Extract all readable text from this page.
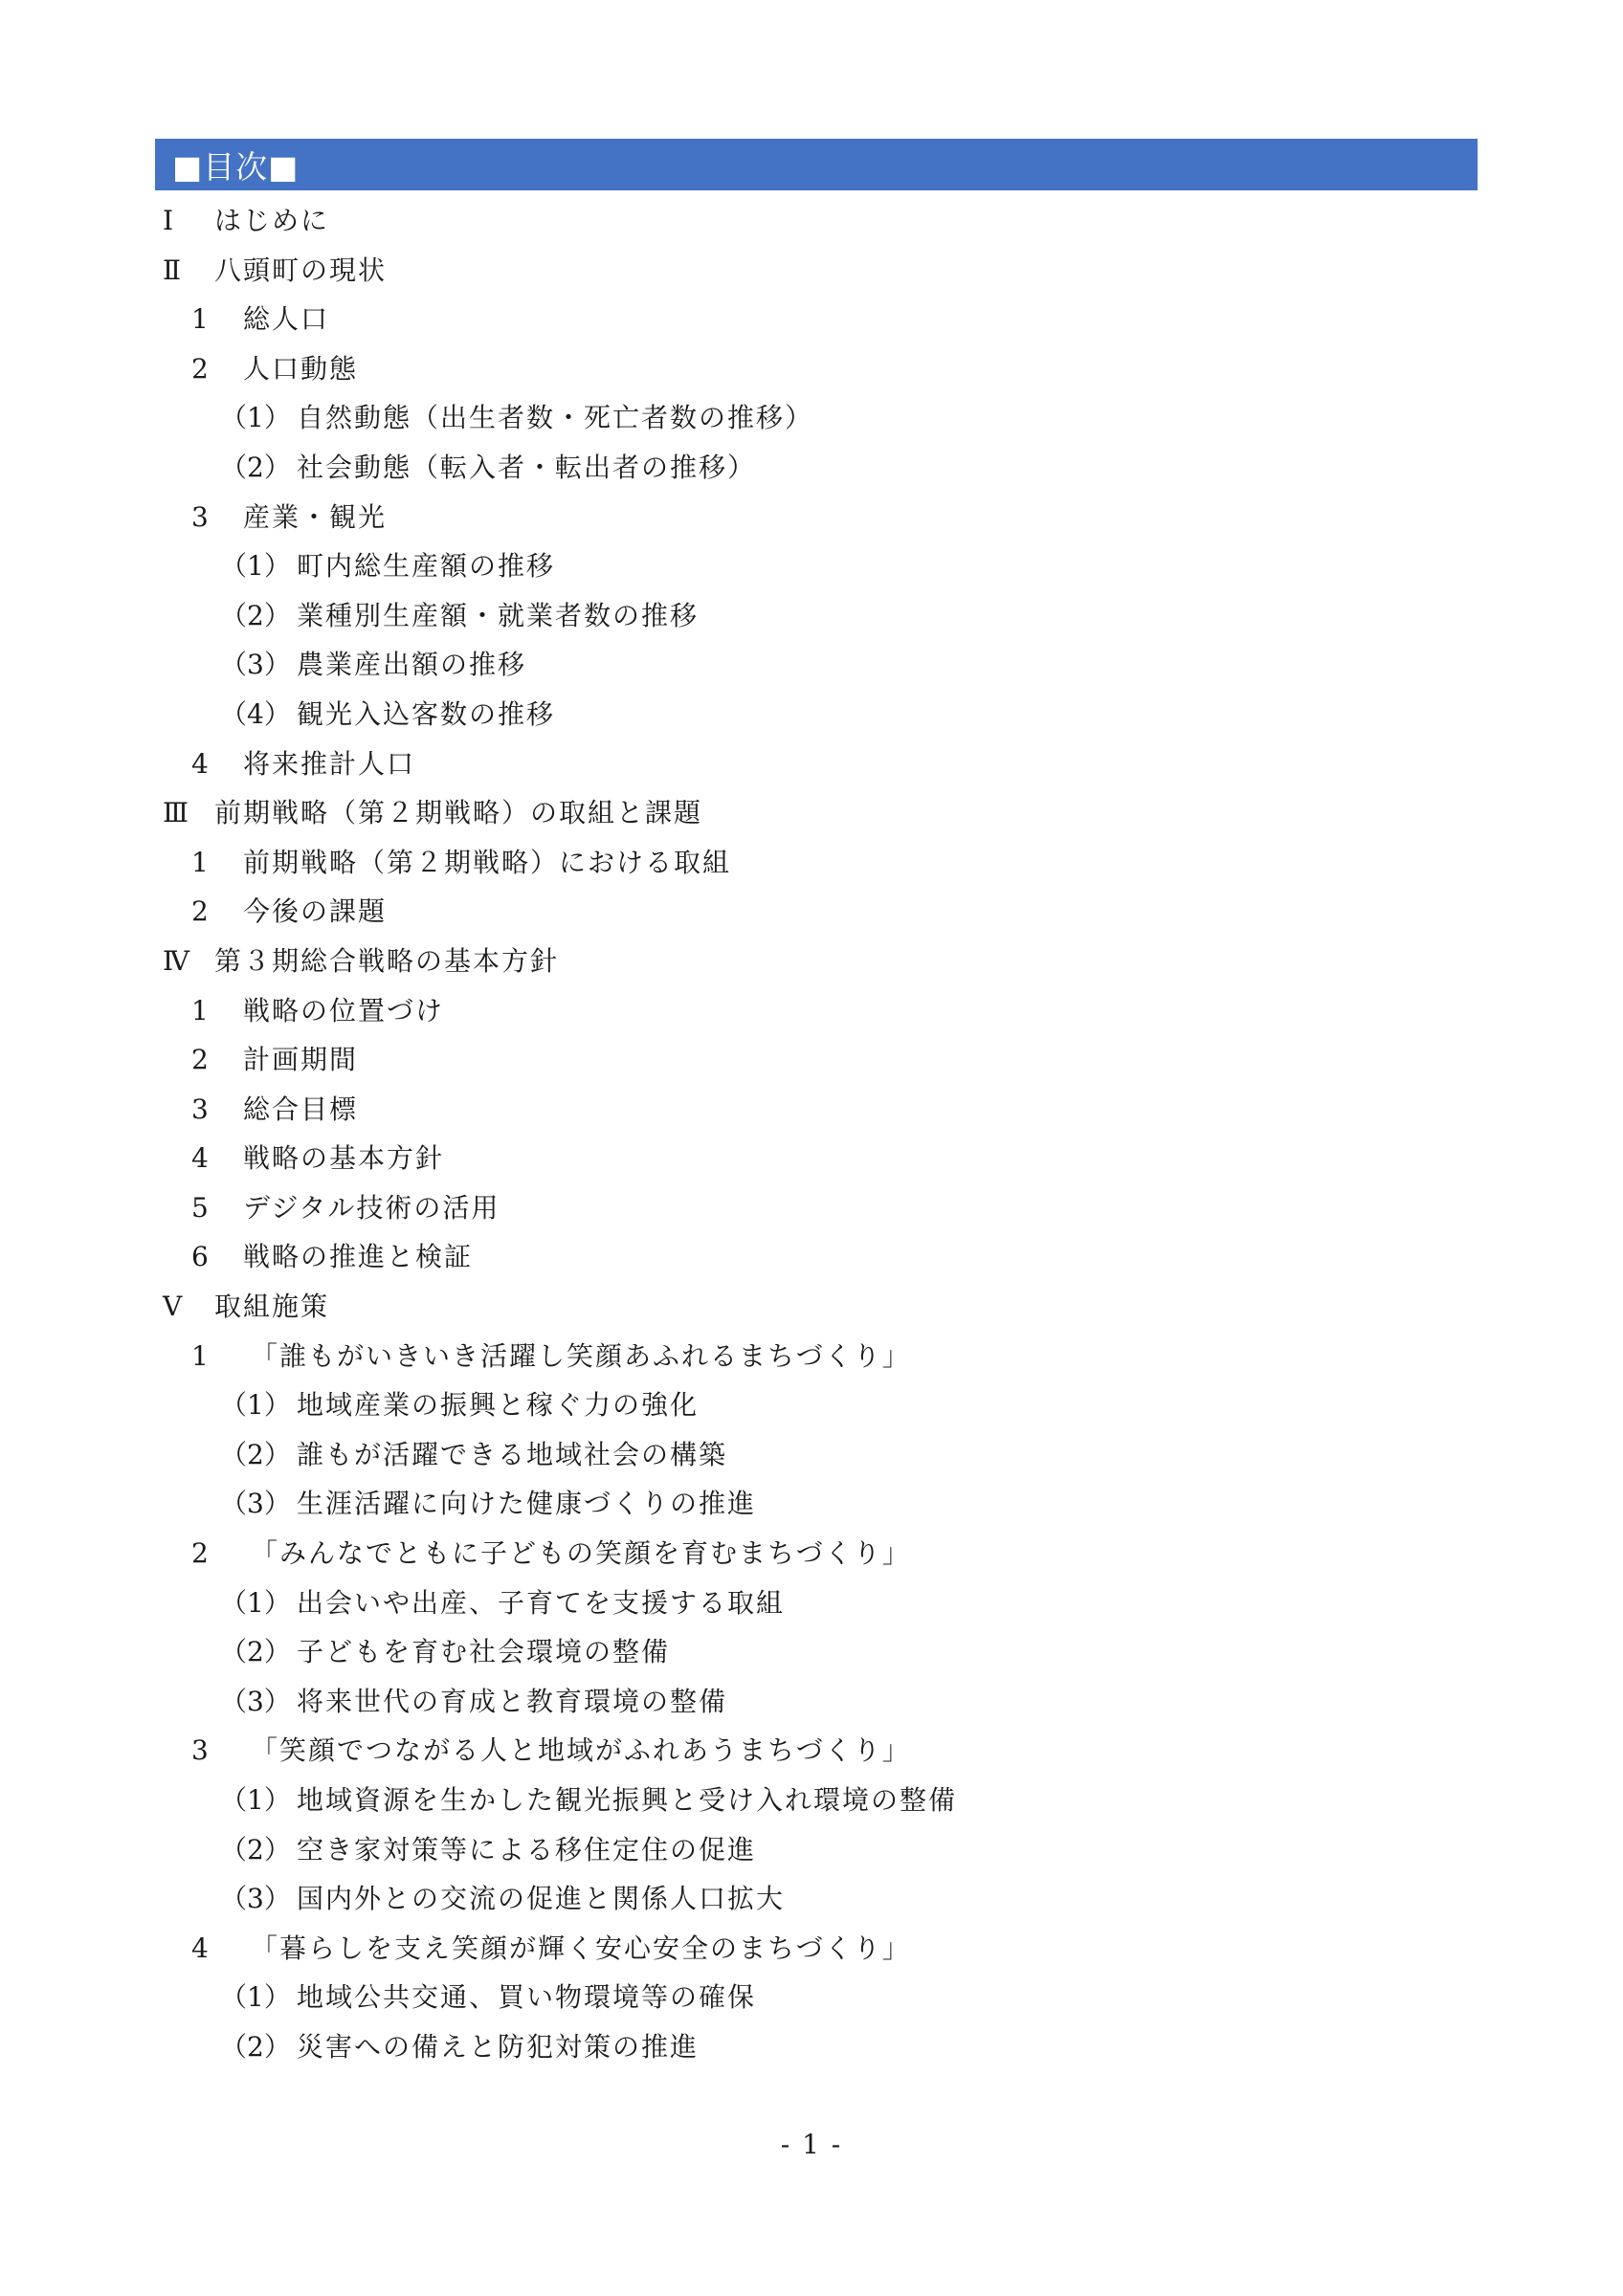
■目次■
Ⅰ はじめに
Ⅱ 八頭町の現状
1 総人口
2 人口動態
（1） 自然動態（出生者数・死亡者数の推移）
（2） 社会動態（転入者・転出者の推移）
3 産業・観光
（1） 町内総生産額の推移
（2） 業種別生産額・就業者数の推移
（3） 農業産出額の推移
（4） 観光入込客数の推移
4 将来推計人口
Ⅲ 前期戦略（第２期戦略）の取組と課題
1 前期戦略（第２期戦略）における取組
2 今後の課題
Ⅳ 第３期総合戦略の基本方針
1 戦略の位置づけ
2 計画期間
3 総合目標
4 戦略の基本方針
5 デジタル技術の活用
6 戦略の推進と検証
Ⅴ 取組施策
1 「誰もがいきいき活躍し笑顔あふれるまちづくり」
（1） 地域産業の振興と稼ぐ力の強化
（2） 誰もが活躍できる地域社会の構築
（3） 生涯活躍に向けた健康づくりの推進
2 「みんなでともに子どもの笑顔を育むまちづくり」
（1） 出会いや出産、子育てを支援する取組
（2） 子どもを育む社会環境の整備
（3） 将来世代の育成と教育環境の整備
3 「笑顔でつながる人と地域がふれあうまちづくり」
（1） 地域資源を生かした観光振興と受け入れ環境の整備
（2） 空き家対策等による移住定住の促進
（3） 国内外との交流の促進と関係人口拡大
4 「暮らしを支え笑顔が輝く安心安全のまちづくり」
（1） 地域公共交通、買い物環境等の確保
（2） 災害への備えと防犯対策の推進
- 1 -
